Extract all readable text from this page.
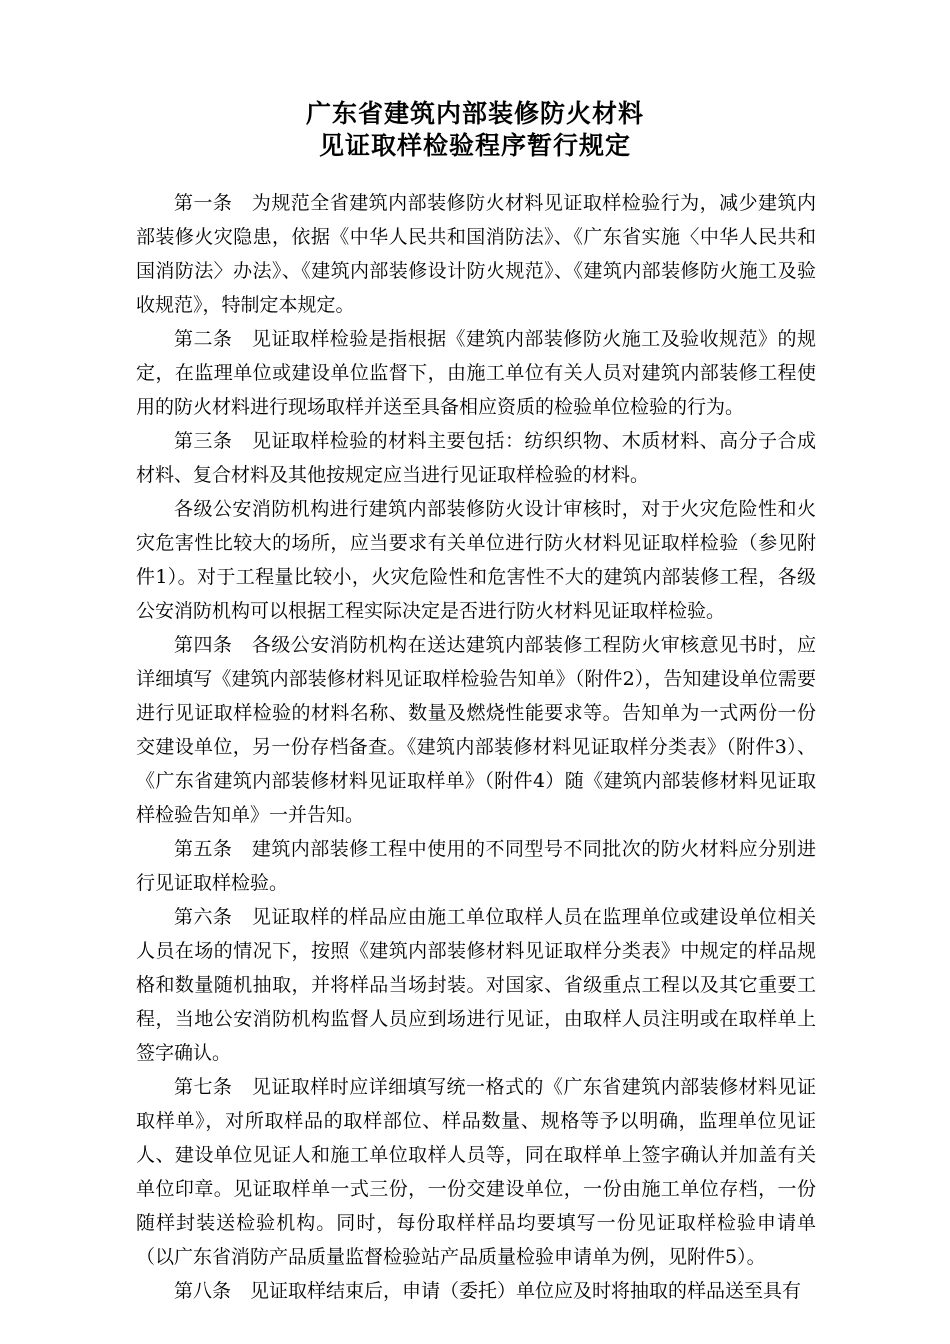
广东省建筑内部装修防火材料
见证取样检验程序暂行规定

第一条　为规范全省建筑内部装修防火材料见证取样检验行为，减少建筑内部装修火灾隐患，依据《中华人民共和国消防法》、《广东省实施〈中华人民共和国消防法〉办法》、《建筑内部装修设计防火规范》、《建筑内部装修防火施工及验收规范》，特制定本规定。

第二条　见证取样检验是指根据《建筑内部装修防火施工及验收规范》的规定，在监理单位或建设单位监督下，由施工单位有关人员对建筑内部装修工程使用的防火材料进行现场取样并送至具备相应资质的检验单位检验的行为。

第三条　见证取样检验的材料主要包括：纺织织物、木质材料、高分子合成材料、复合材料及其他按规定应当进行见证取样检验的材料。

各级公安消防机构进行建筑内部装修防火设计审核时，对于火灾危险性和火灾危害性比较大的场所，应当要求有关单位进行防火材料见证取样检验（参见附件1）。对于工程量比较小，火灾危险性和危害性不大的建筑内部装修工程，各级公安消防机构可以根据工程实际决定是否进行防火材料见证取样检验。

第四条　各级公安消防机构在送达建筑内部装修工程防火审核意见书时，应详细填写《建筑内部装修材料见证取样检验告知单》（附件2），告知建设单位需要进行见证取样检验的材料名称、数量及燃烧性能要求等。告知单为一式两份一份交建设单位，另一份存档备查。《建筑内部装修材料见证取样分类表》（附件3）、《广东省建筑内部装修材料见证取样单》（附件4）随《建筑内部装修材料见证取样检验告知单》一并告知。

第五条　建筑内部装修工程中使用的不同型号不同批次的防火材料应分别进行见证取样检验。

第六条　见证取样的样品应由施工单位取样人员在监理单位或建设单位相关人员在场的情况下，按照《建筑内部装修材料见证取样分类表》中规定的样品规格和数量随机抽取，并将样品当场封装。对国家、省级重点工程以及其它重要工程，当地公安消防机构监督人员应到场进行见证，由取样人员注明或在取样单上签字确认。

第七条　见证取样时应详细填写统一格式的《广东省建筑内部装修材料见证取样单》，对所取样品的取样部位、样品数量、规格等予以明确，监理单位见证人、建设单位见证人和施工单位取样人员等，同在取样单上签字确认并加盖有关单位印章。见证取样单一式三份，一份交建设单位，一份由施工单位存档，一份随样封装送检验机构。同时，每份取样样品均要填写一份见证取样检验申请单（以广东省消防产品质量监督检验站产品质量检验申请单为例，见附件5）。

第八条　见证取样结束后，申请（委托）单位应及时将抽取的样品送至具有
